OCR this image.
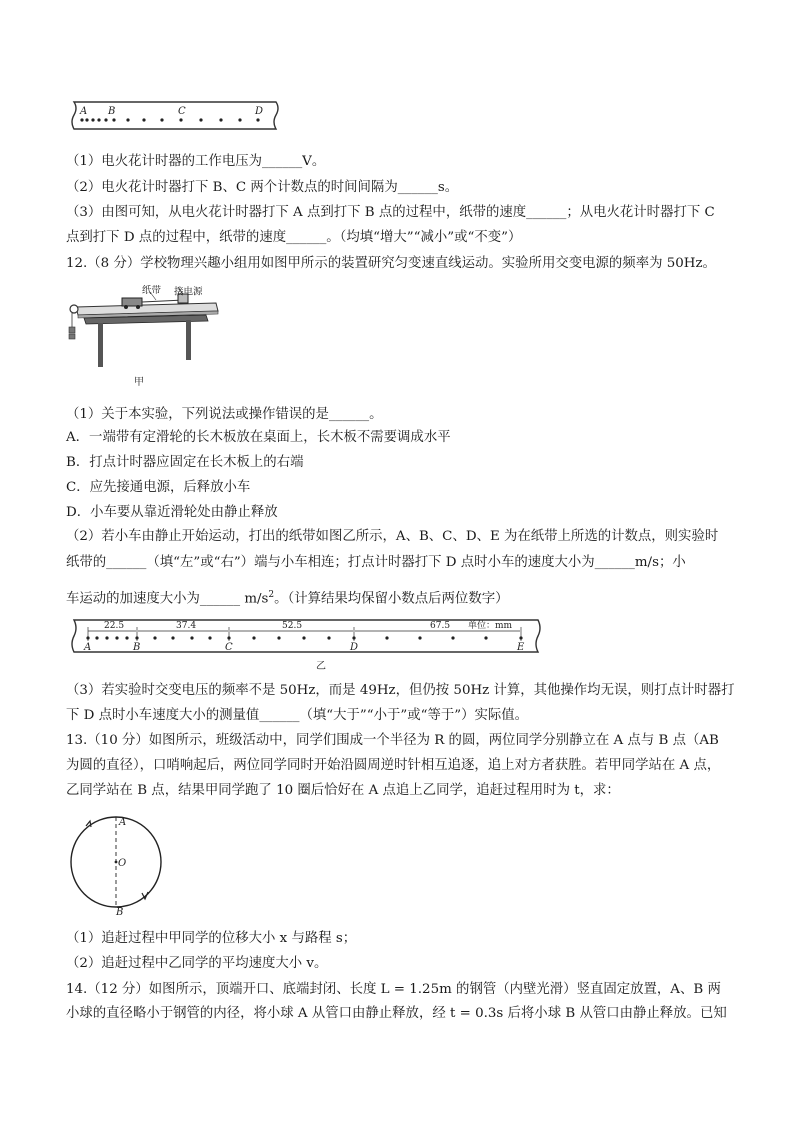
A B	C	D
（1）电火花计时器的工作电压为______V。
（2）电火花计时器打下 B、C 两个计数点的时间间隔为______s。
（3）由图可知，从电火花计时器打下 A 点到打下 B 点的过程中，纸带的速度______；从电火花计时器打下 C
点到打下 D 点的过程中，纸带的速度______。（均填“增大”“减小”或“不变”）
12.（8 分）学校物理兴趣小组用如图甲所示的装置研究匀变速直线运动。实验所用交变电源的频率为 50Hz。
纸带 接电源
甲
（1）关于本实验，下列说法或操作错误的是______。
A．一端带有定滑轮的长木板放在桌面上，长木板不需要调成水平
B．打点计时器应固定在长木板上的右端
C．应先接通电源，后释放小车
D．小车要从靠近滑轮处由静止释放
（2）若小车由静止开始运动，打出的纸带如图乙所示，A、B、C、D、E 为在纸带上所选的计数点，则实验时
纸带的______（填“左”或“右”）端与小车相连；打点计时器打下 D 点时小车的速度大小为______m/s；小
车运动的加速度大小为______ $m/s^2$。（计算结果均保留小数点后两位数字）
22.5	37.4	52.5	67.5 单位：mm
A	B	C	D	E
乙
（3）若实验时交变电压的频率不是 50Hz，而是 49Hz，但仍按 50Hz 计算，其他操作均无误，则打点计时器打
下 D 点时小车速度大小的测量值______（填“大于”“小于”或“等于”）实际值。
13.（10 分）如图所示，班级活动中，同学们围成一个半径为 R 的圆，两位同学分别静立在 A 点与 B 点（AB
为圆的直径），口哨响起后，两位同学同时开始沿圆周逆时针相互追逐，追上对方者获胜。若甲同学站在 A 点，
乙同学站在 B 点，结果甲同学跑了 10 圈后恰好在 A 点追上乙同学，追赶过程用时为 t，求：
A
O
B
（1）追赶过程中甲同学的位移大小 x 与路程 s；
（2）追赶过程中乙同学的平均速度大小 v。
14.（12 分）如图所示，顶端开口、底端封闭、长度 L = 1.25m 的钢管（内壁光滑）竖直固定放置，A、B 两
小球的直径略小于钢管的内径，将小球 A 从管口由静止释放，经 t = 0.3s 后将小球 B 从管口由静止释放。已知
